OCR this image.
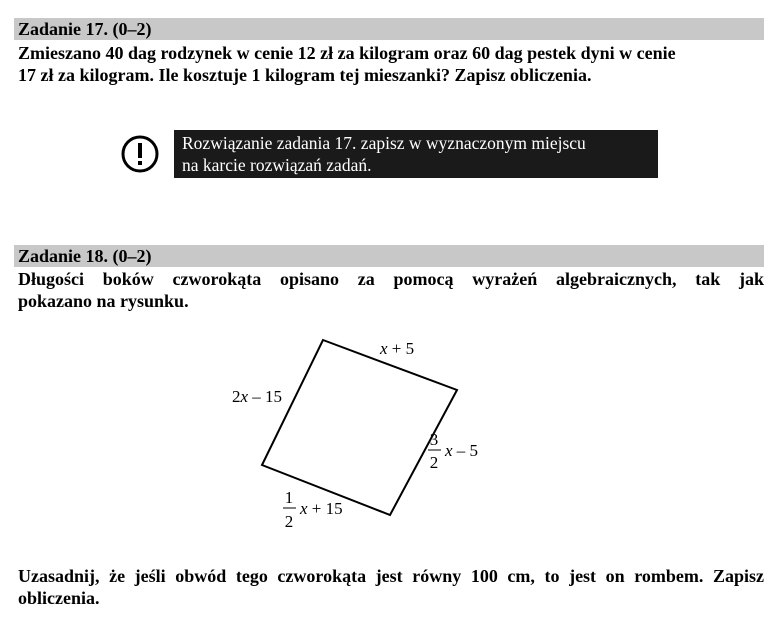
Zadanie 17. (0–2)
Zmieszano 40 dag rodzynek w cenie 12 zł za kilogram oraz 60 dag pestek dyni w cenie
17 zł za kilogram. Ile kosztuje 1 kilogram tej mieszanki? Zapisz obliczenia.
Rozwiązanie zadania 17. zapisz w wyznaczonym miejscu
na karcie rozwiązań zadań.
Zadanie 18. (0–2)
Długości boków czworokąta opisano za pomocą wyrażeń algebraicznych, tak jak
pokazano na rysunku.
x + 5
2x – 15
3
2
x – 5
1
2
x + 15
Uzasadnij, że jeśli obwód tego czworokąta jest równy 100 cm, to jest on rombem. Zapisz
obliczenia.
